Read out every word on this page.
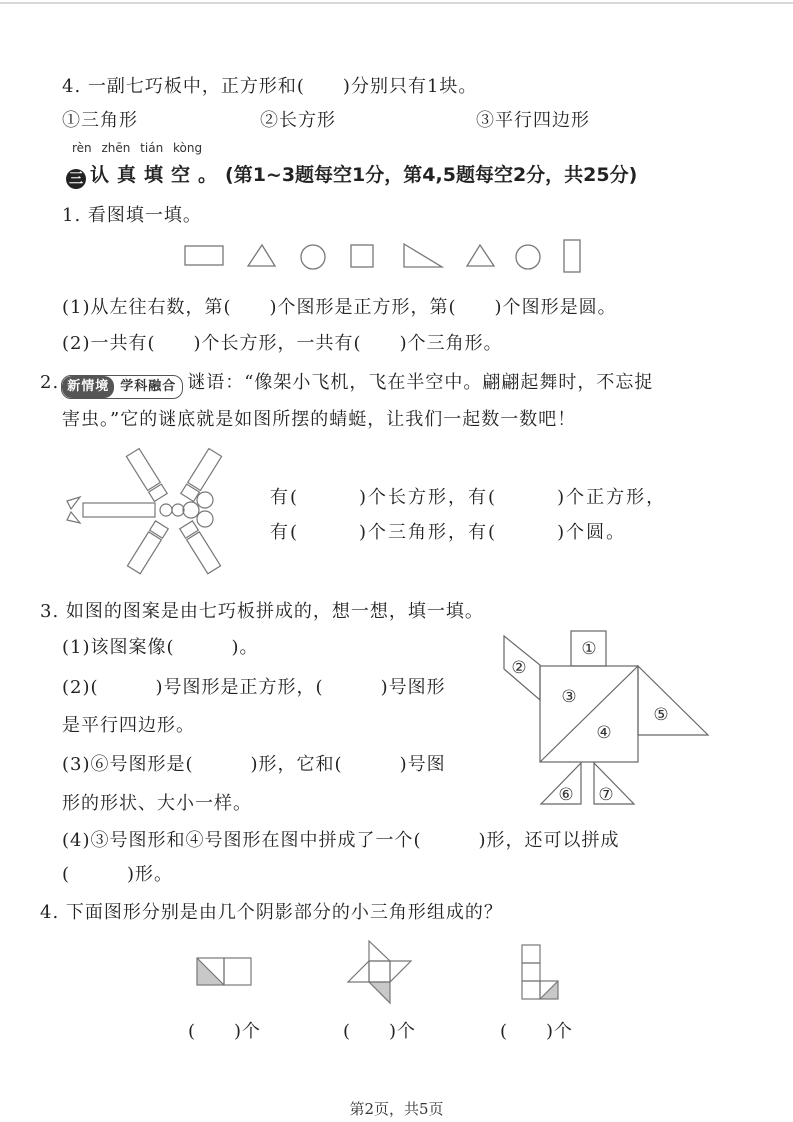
4. 一副七巧板中，正方形和(　　)分别只有1块。
①三角形	②长方形	③平行四边形
rèn zhēn tián kòng
三 认真填空。(第1~3题每空1分，第4,5题每空2分，共25分)
1. 看图填一填。
(1)从左往右数，第(　　)个图形是正方形，第(　　)个图形是圆。
(2)一共有(　　)个长方形，一共有(　　)个三角形。
2. 新情境 学科融合 谜语：“像架小飞机，飞在半空中。翩翩起舞时，不忘捉
害虫。”它的谜底就是如图所摆的蜻蜓，让我们一起数一数吧！
有(　　　)个长方形，有(　　　)个正方形，
有(　　　)个三角形，有(　　　)个圆。
3. 如图的图案是由七巧板拼成的，想一想，填一填。
(1)该图案像(　　　)。
(2)(　　　)号图形是正方形，(　　　)号图形
是平行四边形。
(3)⑥号图形是(　　　)形，它和(　　　)号图
形的形状、大小一样。
(4)③号图形和④号图形在图中拼成了一个(　　　)形，还可以拼成
(　　　)形。
①
②
③
④
⑤
⑥ ⑦
4. 下面图形分别是由几个阴影部分的小三角形组成的？
(　　)个	(　　)个	(　　)个
第2页，共5页
